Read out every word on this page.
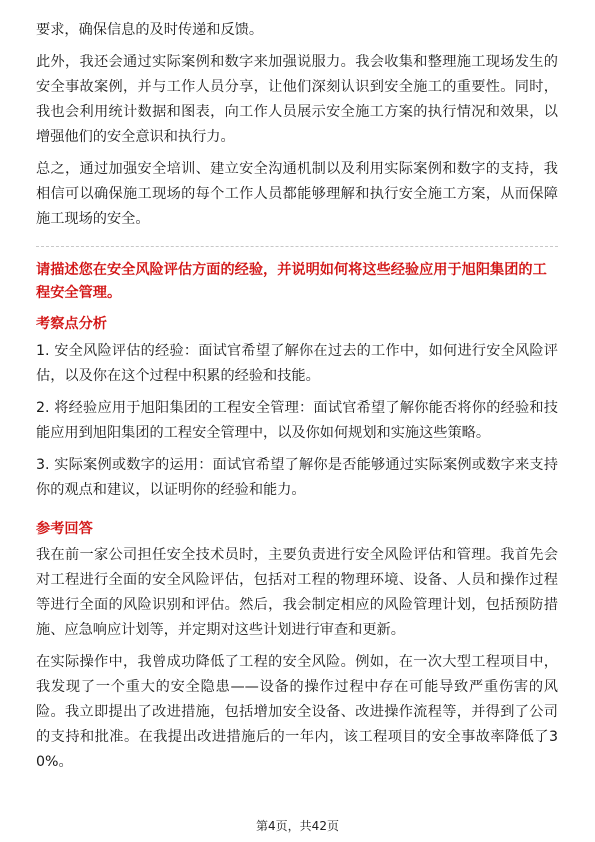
要求，确保信息的及时传递和反馈。

此外，我还会通过实际案例和数字来加强说服力。我会收集和整理施工现场发生的安全事故案例，并与工作人员分享，让他们深刻认识到安全施工的重要性。同时，我也会利用统计数据和图表，向工作人员展示安全施工方案的执行情况和效果，以增强他们的安全意识和执行力。

总之，通过加强安全培训、建立安全沟通机制以及利用实际案例和数字的支持，我相信可以确保施工现场的每个工作人员都能够理解和执行安全施工方案，从而保障施工现场的安全。

请描述您在安全风险评估方面的经验，并说明如何将这些经验应用于旭阳集团的工程安全管理。

考察点分析

1. 安全风险评估的经验：面试官希望了解你在过去的工作中，如何进行安全风险评估，以及你在这个过程中积累的经验和技能。

2. 将经验应用于旭阳集团的工程安全管理：面试官希望了解你能否将你的经验和技能应用到旭阳集团的工程安全管理中，以及你如何规划和实施这些策略。

3. 实际案例或数字的运用：面试官希望了解你是否能够通过实际案例或数字来支持你的观点和建议，以证明你的经验和能力。

参考回答

我在前一家公司担任安全技术员时，主要负责进行安全风险评估和管理。我首先会对工程进行全面的安全风险评估，包括对工程的物理环境、设备、人员和操作过程等进行全面的风险识别和评估。然后，我会制定相应的风险管理计划，包括预防措施、应急响应计划等，并定期对这些计划进行审查和更新。

在实际操作中，我曾成功降低了工程的安全风险。例如，在一次大型工程项目中，我发现了一个重大的安全隐患——设备的操作过程中存在可能导致严重伤害的风险。我立即提出了改进措施，包括增加安全设备、改进操作流程等，并得到了公司的支持和批准。在我提出改进措施后的一年内，该工程项目的安全事故率降低了30%。

第4页，共42页
